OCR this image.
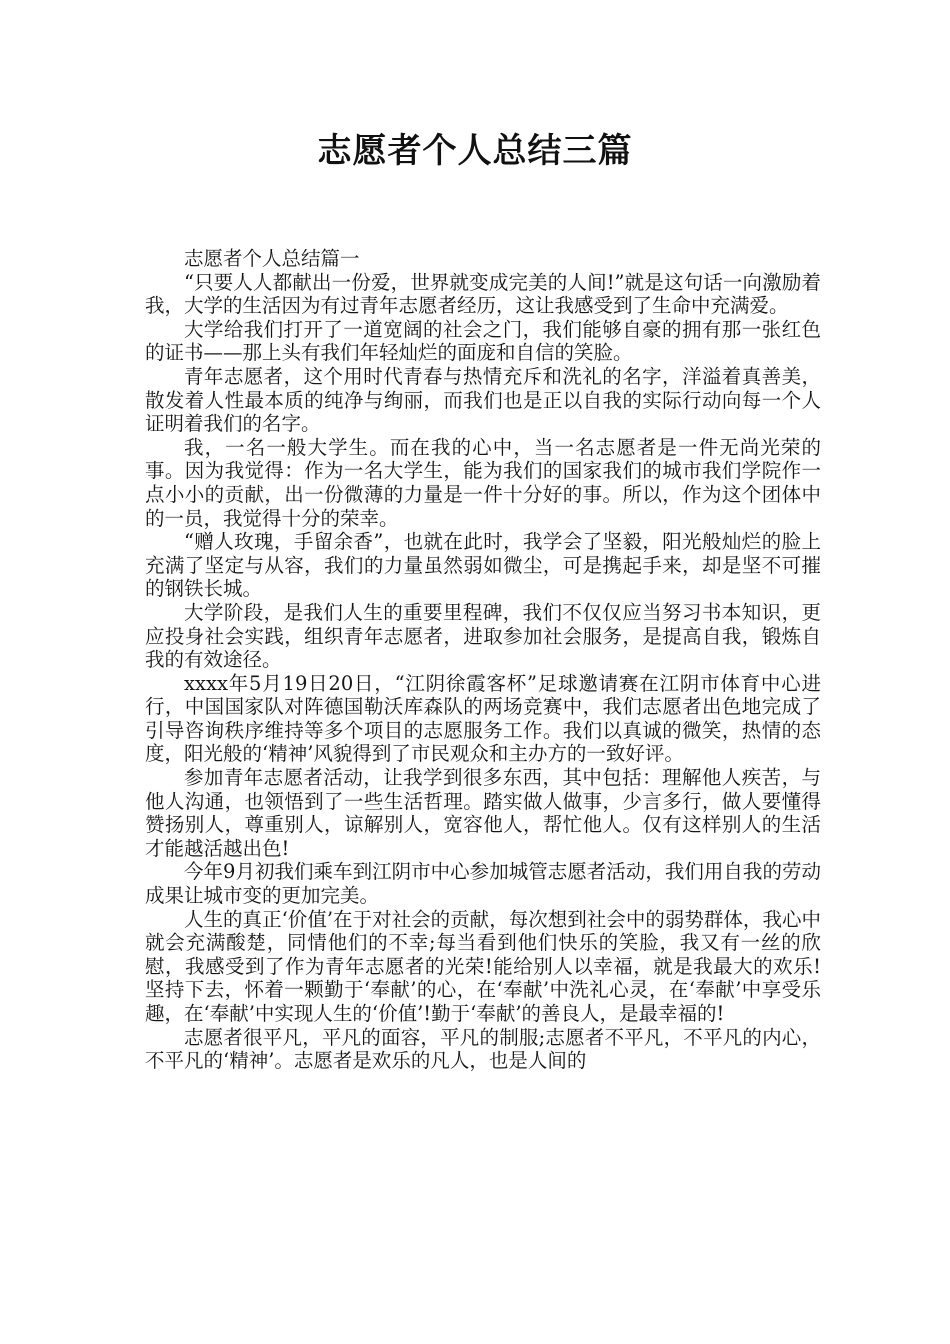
志愿者个人总结三篇

志愿者个人总结篇一

“只要人人都献出一份爱，世界就变成完美的人间!”就是这句话一向激励着我，大学的生活因为有过青年志愿者经历，这让我感受到了生命中充满爱。

大学给我们打开了一道宽阔的社会之门，我们能够自豪的拥有那一张红色的证书——那上头有我们年轻灿烂的面庞和自信的笑脸。

青年志愿者，这个用时代青春与热情充斥和洗礼的名字，洋溢着真善美，散发着人性最本质的纯净与绚丽，而我们也是正以自我的实际行动向每一个人证明着我们的名字。

我，一名一般大学生。而在我的心中，当一名志愿者是一件无尚光荣的事。因为我觉得：作为一名大学生，能为我们的国家我们的城市我们学院作一点小小的贡献，出一份微薄的力量是一件十分好的事。所以，作为这个团体中的一员，我觉得十分的荣幸。

“赠人玫瑰，手留余香”，也就在此时，我学会了坚毅，阳光般灿烂的脸上充满了坚定与从容，我们的力量虽然弱如微尘，可是携起手来，却是坚不可摧的钢铁长城。

大学阶段，是我们人生的重要里程碑，我们不仅仅应当努习书本知识，更应投身社会实践，组织青年志愿者，进取参加社会服务，是提高自我，锻炼自我的有效途径。

xxxx年5月19日20日，“江阴徐霞客杯”足球邀请赛在江阴市体育中心进行，中国国家队对阵德国勒沃库森队的两场竞赛中，我们志愿者出色地完成了引导咨询秩序维持等多个项目的志愿服务工作。我们以真诚的微笑，热情的态度，阳光般的‘精神’风貌得到了市民观众和主办方的一致好评。

参加青年志愿者活动，让我学到很多东西，其中包括：理解他人疾苦，与他人沟通，也领悟到了一些生活哲理。踏实做人做事，少言多行，做人要懂得赞扬别人，尊重别人，谅解别人，宽容他人，帮忙他人。仅有这样别人的生活才能越活越出色!

今年9月初我们乘车到江阴市中心参加城管志愿者活动，我们用自我的劳动成果让城市变的更加完美。

人生的真正‘价值’在于对社会的贡献，每次想到社会中的弱势群体，我心中就会充满酸楚，同情他们的不幸;每当看到他们快乐的笑脸，我又有一丝的欣慰，我感受到了作为青年志愿者的光荣!能给别人以幸福，就是我最大的欢乐!坚持下去，怀着一颗勤于‘奉献’的心，在‘奉献’中洗礼心灵，在‘奉献’中享受乐趣，在‘奉献’中实现人生的‘价值’!勤于‘奉献’的善良人，是最幸福的!

志愿者很平凡，平凡的面容，平凡的制服;志愿者不平凡，不平凡的内心，不平凡的‘精神’。志愿者是欢乐的凡人，也是人间的
